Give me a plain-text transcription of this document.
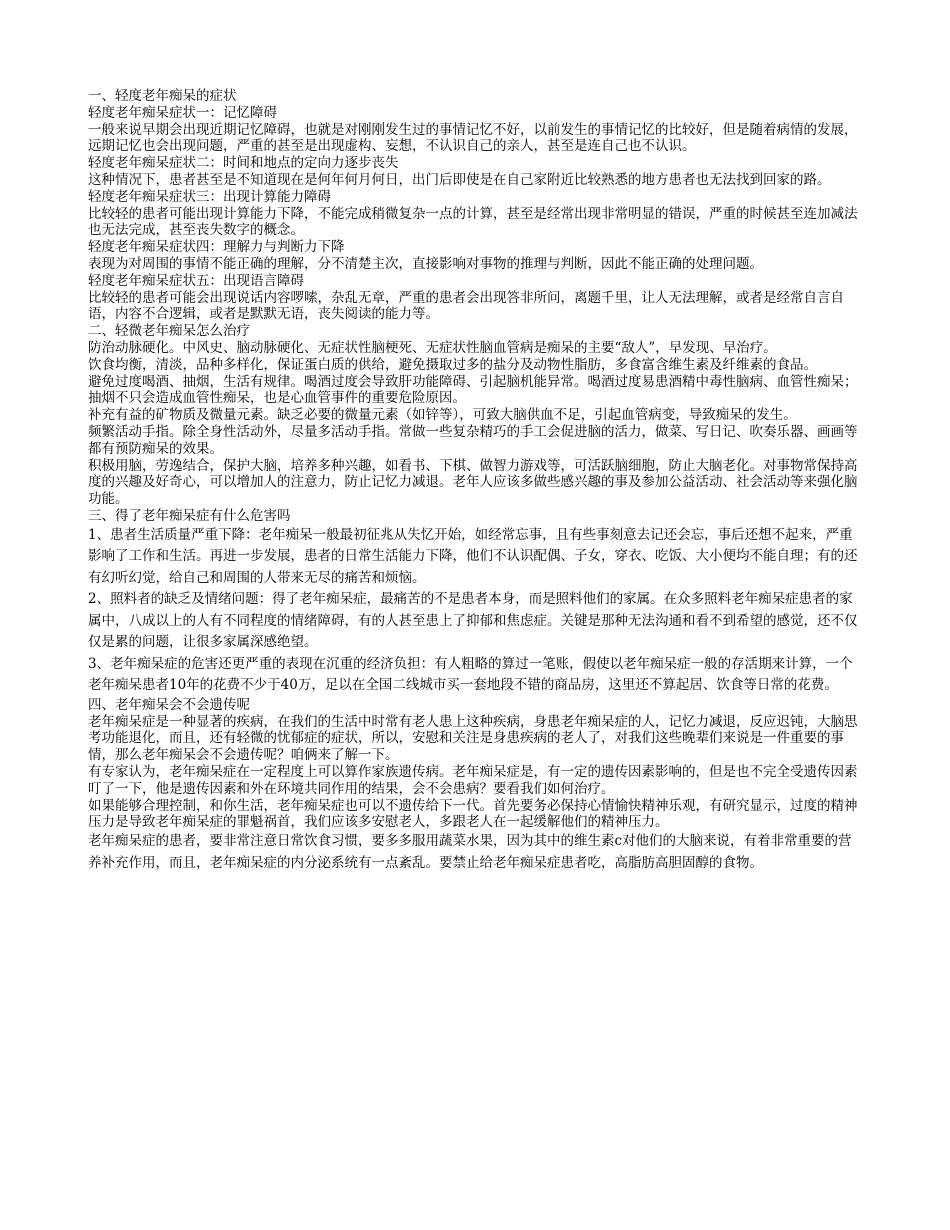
一、轻度老年痴呆的症状

轻度老年痴呆症状一：记忆障碍

一般来说早期会出现近期记忆障碍，也就是对刚刚发生过的事情记忆不好，以前发生的事情记忆的比较好，但是随着病情的发展，远期记忆也会出现问题，严重的甚至是出现虚构、妄想，不认识自己的亲人，甚至是连自己也不认识。

轻度老年痴呆症状二：时间和地点的定向力逐步丧失

这种情况下，患者甚至是不知道现在是何年何月何日，出门后即使是在自己家附近比较熟悉的地方患者也无法找到回家的路。

轻度老年痴呆症状三：出现计算能力障碍

比较轻的患者可能出现计算能力下降，不能完成稍微复杂一点的计算，甚至是经常出现非常明显的错误，严重的时候甚至连加减法也无法完成，甚至丧失数字的概念。

轻度老年痴呆症状四：理解力与判断力下降

表现为对周围的事情不能正确的理解，分不清楚主次，直接影响对事物的推理与判断，因此不能正确的处理问题。

轻度老年痴呆症状五：出现语言障碍

比较轻的患者可能会出现说话内容啰嗦，杂乱无章，严重的患者会出现答非所问，离题千里，让人无法理解，或者是经常自言自语，内容不合逻辑，或者是默默无语，丧失阅读的能力等。

二、轻微老年痴呆怎么治疗

防治动脉硬化。中风史、脑动脉硬化、无症状性脑梗死、无症状性脑血管病是痴呆的主要“敌人”，早发现、早治疗。

饮食均衡，清淡，品种多样化，保证蛋白质的供给，避免摄取过多的盐分及动物性脂肪，多食富含维生素及纤维素的食品。

避免过度喝酒、抽烟，生活有规律。喝酒过度会导致肝功能障碍、引起脑机能异常。喝酒过度易患酒精中毒性脑病、血管性痴呆；抽烟不只会造成血管性痴呆，也是心血管事件的重要危险原因。

补充有益的矿物质及微量元素。缺乏必要的微量元素（如锌等），可致大脑供血不足，引起血管病变，导致痴呆的发生。

频繁活动手指。除全身性活动外，尽量多活动手指。常做一些复杂精巧的手工会促进脑的活力，做菜、写日记、吹奏乐器、画画等都有预防痴呆的效果。

积极用脑，劳逸结合，保护大脑，培养多种兴趣，如看书、下棋、做智力游戏等，可活跃脑细胞，防止大脑老化。对事物常保持高度的兴趣及好奇心，可以增加人的注意力，防止记忆力减退。老年人应该多做些感兴趣的事及参加公益活动、社会活动等来强化脑功能。

三、得了老年痴呆症有什么危害吗

1、患者生活质量严重下降：老年痴呆一般最初征兆从失忆开始，如经常忘事，且有些事刻意去记还会忘，事后还想不起来，严重影响了工作和生活。再进一步发展，患者的日常生活能力下降，他们不认识配偶、子女，穿衣、吃饭、大小便均不能自理；有的还有幻听幻觉，给自己和周围的人带来无尽的痛苦和烦恼。

2、照料者的缺乏及情绪问题：得了老年痴呆症，最痛苦的不是患者本身，而是照料他们的家属。在众多照料老年痴呆症患者的家属中，八成以上的人有不同程度的情绪障碍，有的人甚至患上了抑郁和焦虑症。关键是那种无法沟通和看不到希望的感觉，还不仅仅是累的问题，让很多家属深感绝望。

3、老年痴呆症的危害还更严重的表现在沉重的经济负担：有人粗略的算过一笔账，假使以老年痴呆症一般的存活期来计算，一个老年痴呆患者10年的花费不少于40万，足以在全国二线城市买一套地段不错的商品房，这里还不算起居、饮食等日常的花费。

四、老年痴呆会不会遗传呢

老年痴呆症是一种显著的疾病，在我们的生活中时常有老人患上这种疾病，身患老年痴呆症的人，记忆力减退，反应迟钝，大脑思考功能退化，而且，还有轻微的忧郁症的症状，所以，安慰和关注是身患疾病的老人了，对我们这些晚辈们来说是一件重要的事情，那么老年痴呆会不会遗传呢？咱俩来了解一下。

有专家认为，老年痴呆症在一定程度上可以算作家族遗传病。老年痴呆症是，有一定的遗传因素影响的，但是也不完全受遗传因素叮了一下，他是遗传因素和外在环境共同作用的结果，会不会患病？要看我们如何治疗。

如果能够合理控制，和你生活，老年痴呆症也可以不遗传给下一代。首先要务必保持心情愉快精神乐观，有研究显示，过度的精神压力是导致老年痴呆症的罪魁祸首，我们应该多安慰老人，多跟老人在一起缓解他们的精神压力。

老年痴呆症的患者，要非常注意日常饮食习惯，要多多服用蔬菜水果，因为其中的维生素c对他们的大脑来说，有着非常重要的营养补充作用，而且，老年痴呆症的内分泌系统有一点紊乱。要禁止给老年痴呆症患者吃，高脂肪高胆固醇的食物。
